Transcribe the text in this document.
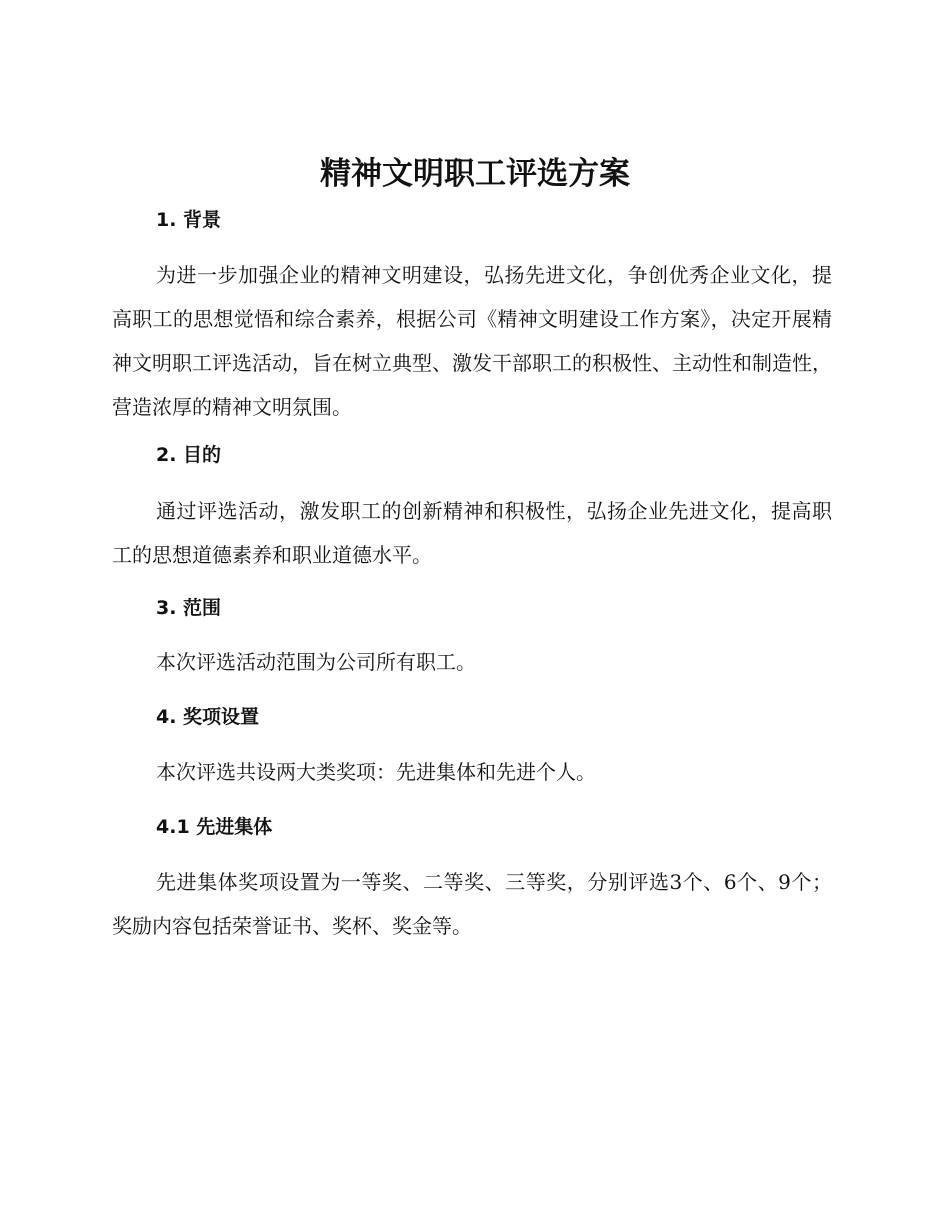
精神文明职工评选方案
1. 背景

为进一步加强企业的精神文明建设，弘扬先进文化，争创优秀企业文化，提高职工的思想觉悟和综合素养，根据公司《精神文明建设工作方案》，决定开展精神文明职工评选活动，旨在树立典型、激发干部职工的积极性、主动性和制造性，营造浓厚的精神文明氛围。

2. 目的

通过评选活动，激发职工的创新精神和积极性，弘扬企业先进文化，提高职工的思想道德素养和职业道德水平。

3. 范围

本次评选活动范围为公司所有职工。

4. 奖项设置

本次评选共设两大类奖项：先进集体和先进个人。

4.1 先进集体

先进集体奖项设置为一等奖、二等奖、三等奖，分别评选3个、6个、9个；奖励内容包括荣誉证书、奖杯、奖金等。
